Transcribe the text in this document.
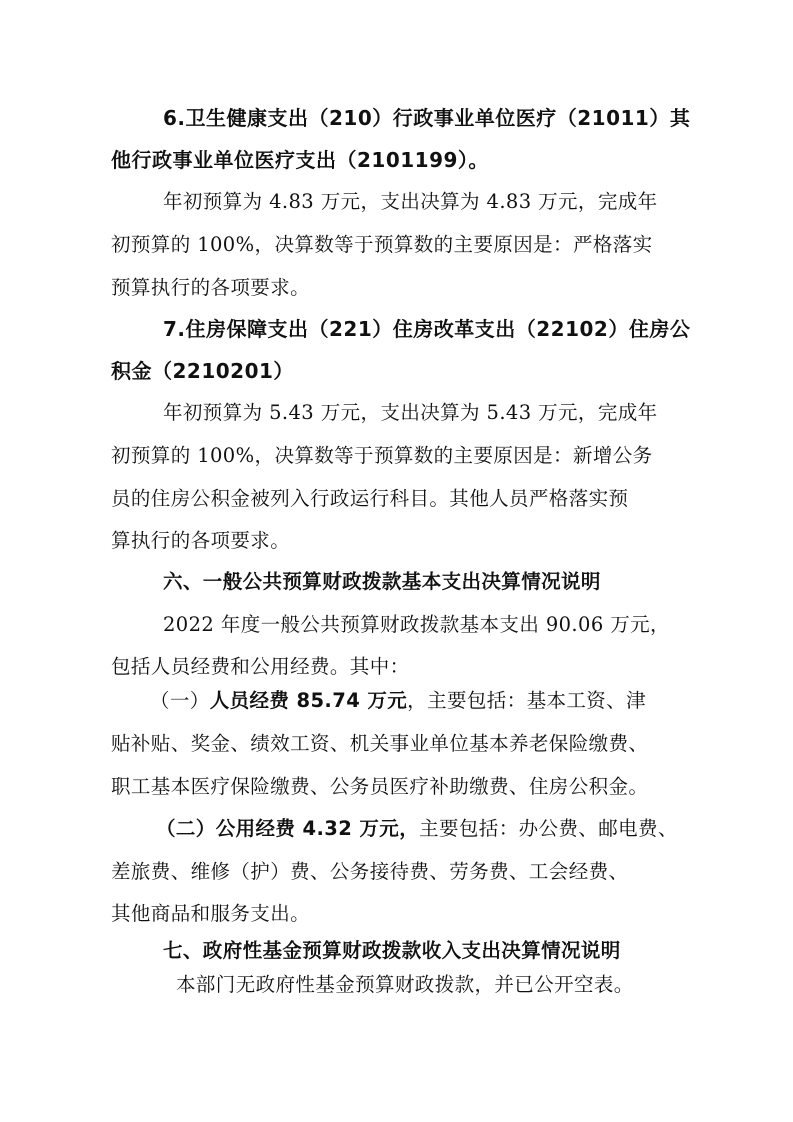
6.卫生健康支出（210）行政事业单位医疗（21011）其
他行政事业单位医疗支出（2101199）。
年初预算为 4.83 万元，支出决算为 4.83 万元，完成年
初预算的 100%，决算数等于预算数的主要原因是：严格落实
预算执行的各项要求。
7.住房保障支出（221）住房改革支出（22102）住房公
积金（2210201）
年初预算为 5.43 万元，支出决算为 5.43 万元，完成年
初预算的 100%，决算数等于预算数的主要原因是：新增公务
员的住房公积金被列入行政运行科目。其他人员严格落实预
算执行的各项要求。
六、一般公共预算财政拨款基本支出决算情况说明
2022 年度一般公共预算财政拨款基本支出 90.06 万元，
包括人员经费和公用经费。其中：
（一）人员经费 85.74 万元，主要包括：基本工资、津
贴补贴、奖金、绩效工资、机关事业单位基本养老保险缴费、
职工基本医疗保险缴费、公务员医疗补助缴费、住房公积金。
（二）公用经费 4.32 万元，主要包括：办公费、邮电费、
差旅费、维修（护）费、公务接待费、劳务费、工会经费、
其他商品和服务支出。
七、政府性基金预算财政拨款收入支出决算情况说明
本部门无政府性基金预算财政拨款，并已公开空表。
